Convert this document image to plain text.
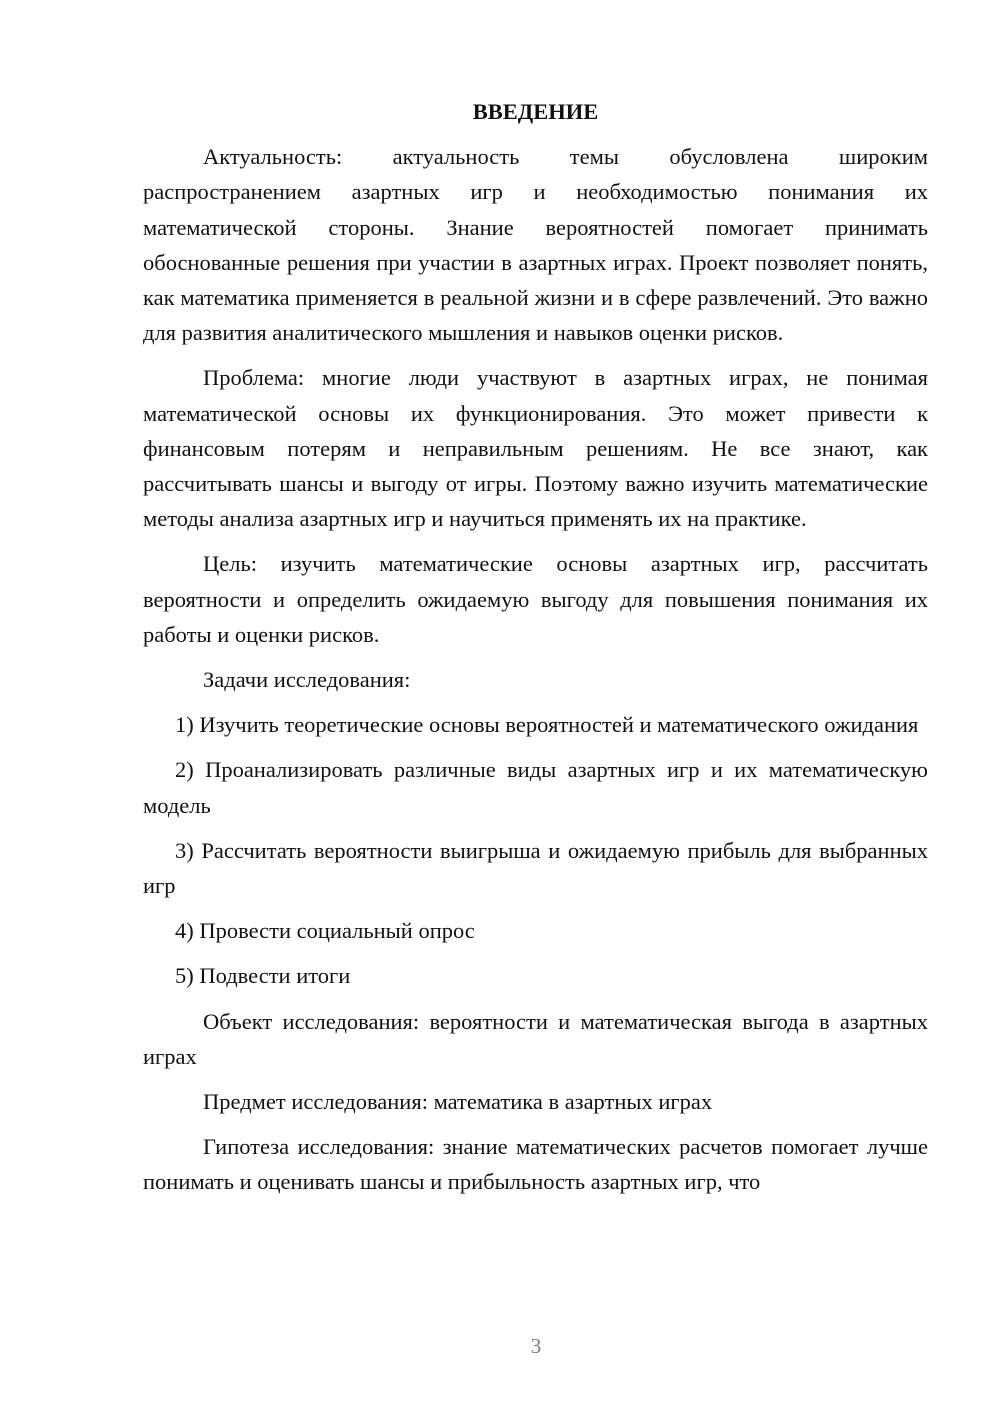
ВВЕДЕНИЕ

Актуальность: актуальность темы обусловлена широким распространением азартных игр и необходимостью понимания их математической стороны. Знание вероятностей помогает принимать обоснованные решения при участии в азартных играх. Проект позволяет понять, как математика применяется в реальной жизни и в сфере развлечений. Это важно для развития аналитического мышления и навыков оценки рисков.

Проблема: многие люди участвуют в азартных играх, не понимая математической основы их функционирования. Это может привести к финансовым потерям и неправильным решениям. Не все знают, как рассчитывать шансы и выгоду от игры. Поэтому важно изучить математические методы анализа азартных игр и научиться применять их на практике.

Цель: изучить математические основы азартных игр, рассчитать вероятности и определить ожидаемую выгоду для повышения понимания их работы и оценки рисков.

Задачи исследования:

1) Изучить теоретические основы вероятностей и математического ожидания

2) Проанализировать различные виды азартных игр и их математическую модель

3) Рассчитать вероятности выигрыша и ожидаемую прибыль для выбранных игр

4) Провести социальный опрос

5) Подвести итоги

Объект исследования: вероятности и математическая выгода в азартных играх

Предмет исследования: математика в азартных играх

Гипотеза исследования: знание математических расчетов помогает лучше понимать и оценивать шансы и прибыльность азартных игр, что

3
